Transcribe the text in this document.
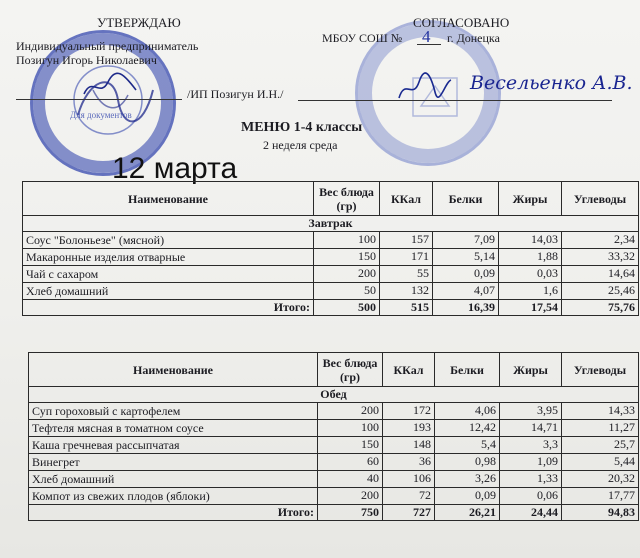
Для документов
УТВЕРЖДАЮ
Индивидуальный предприниматель
Позигун Игорь Николаевич
/ИП Позигун И.Н./
СОГЛАСОВАНО
МБОУ СОШ № 4 г. Донецка
Весельенко А.В.
МЕНЮ 1-4 классы
2 неделя среда
12 марта
Наименование	Вес блюда (гр)	ККал	Белки	Жиры	Углеводы
Завтрак					
Соус "Болоньезе" (мясной)	100	157	7,09	14,03	2,34
Макаронные изделия отварные	150	171	5,14	1,88	33,32
Чай с сахаром	200	55	0,09	0,03	14,64
Хлеб домашний	50	132	4,07	1,6	25,46
Итого:	500	515	16,39	17,54	75,76
Наименование	Вес блюда (гр)	ККал	Белки	Жиры	Углеводы
Обед					
Суп гороховый с картофелем	200	172	4,06	3,95	14,33
Тефтеля мясная в томатном соусе	100	193	12,42	14,71	11,27
Каша гречневая рассыпчатая	150	148	5,4	3,3	25,7
Винегрет	60	36	0,98	1,09	5,44
Хлеб домашний	40	106	3,26	1,33	20,32
Компот из свежих плодов (яблоки)	200	72	0,09	0,06	17,77
Итого:	750	727	26,21	24,44	94,83
